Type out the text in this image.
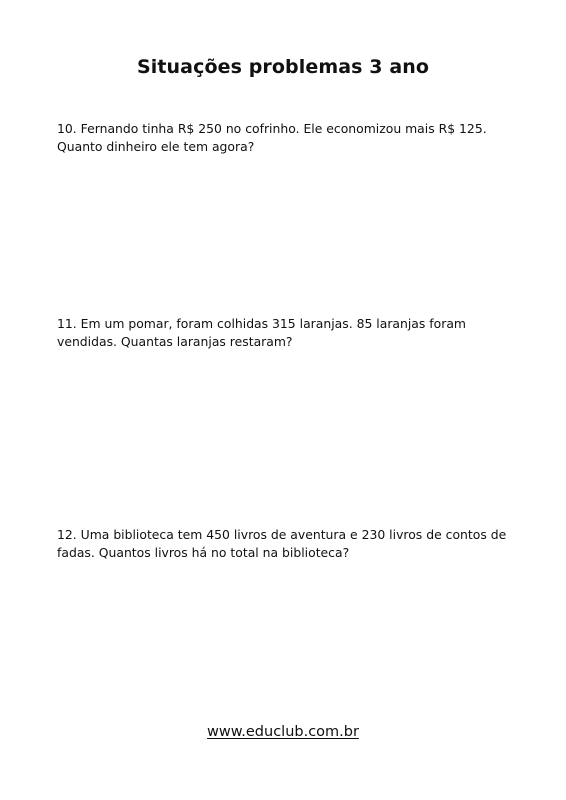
Situações problemas 3 ano

10. Fernando tinha R$ 250 no cofrinho. Ele economizou mais R$ 125. Quanto dinheiro ele tem agora?

11. Em um pomar, foram colhidas 315 laranjas. 85 laranjas foram vendidas. Quantas laranjas restaram?

12. Uma biblioteca tem 450 livros de aventura e 230 livros de contos de fadas. Quantos livros há no total na biblioteca?

www.educlub.com.br
